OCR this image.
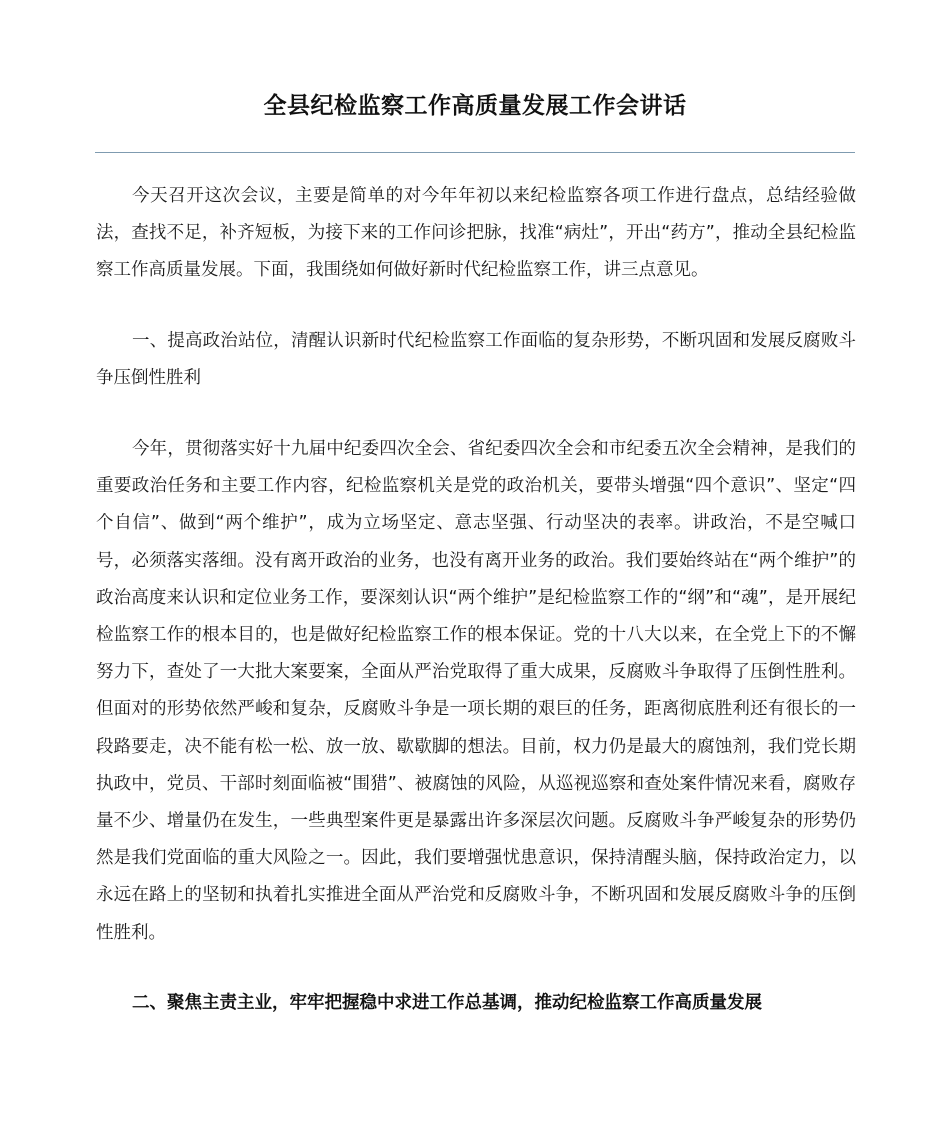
全县纪检监察工作高质量发展工作会讲话

今天召开这次会议，主要是简单的对今年年初以来纪检监察各项工作进行盘点，总结经验做法，查找不足，补齐短板，为接下来的工作问诊把脉，找准“病灶”，开出“药方”，推动全县纪检监察工作高质量发展。下面，我围绕如何做好新时代纪检监察工作，讲三点意见。

一、提高政治站位，清醒认识新时代纪检监察工作面临的复杂形势，不断巩固和发展反腐败斗争压倒性胜利

今年，贯彻落实好十九届中纪委四次全会、省纪委四次全会和市纪委五次全会精神，是我们的重要政治任务和主要工作内容，纪检监察机关是党的政治机关，要带头增强“四个意识”、坚定“四个自信”、做到“两个维护”，成为立场坚定、意志坚强、行动坚决的表率。讲政治，不是空喊口号，必须落实落细。没有离开政治的业务，也没有离开业务的政治。我们要始终站在“两个维护”的政治高度来认识和定位业务工作，要深刻认识“两个维护”是纪检监察工作的“纲”和“魂”，是开展纪检监察工作的根本目的，也是做好纪检监察工作的根本保证。党的十八大以来，在全党上下的不懈努力下，查处了一大批大案要案，全面从严治党取得了重大成果，反腐败斗争取得了压倒性胜利。但面对的形势依然严峻和复杂，反腐败斗争是一项长期的艰巨的任务，距离彻底胜利还有很长的一段路要走，决不能有松一松、放一放、歇歇脚的想法。目前，权力仍是最大的腐蚀剂，我们党长期执政中，党员、干部时刻面临被“围猎”、被腐蚀的风险，从巡视巡察和查处案件情况来看，腐败存量不少、增量仍在发生，一些典型案件更是暴露出许多深层次问题。反腐败斗争严峻复杂的形势仍然是我们党面临的重大风险之一。因此，我们要增强忧患意识，保持清醒头脑，保持政治定力，以永远在路上的坚韧和执着扎实推进全面从严治党和反腐败斗争，不断巩固和发展反腐败斗争的压倒性胜利。

二、聚焦主责主业，牢牢把握稳中求进工作总基调，推动纪检监察工作高质量发展
